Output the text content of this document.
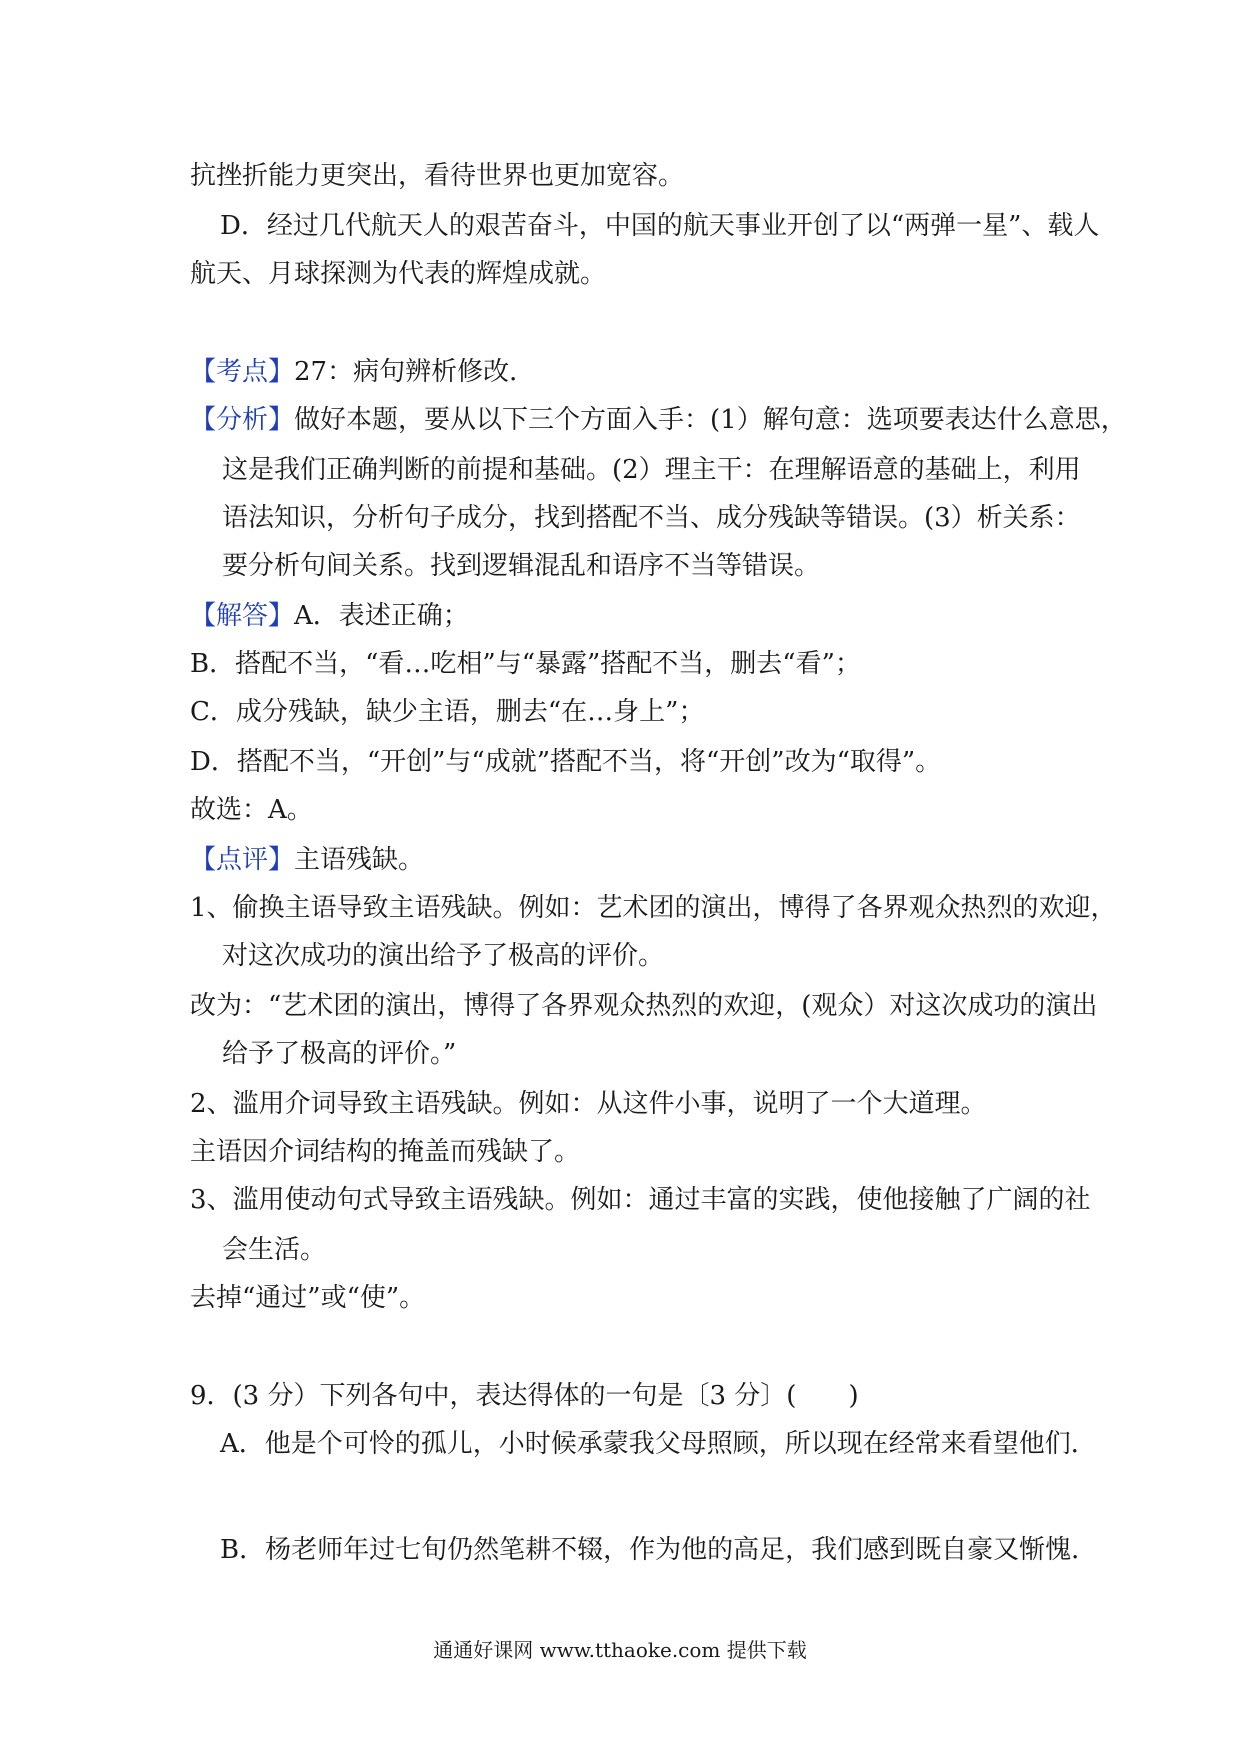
抗挫折能力更突出，看待世界也更加宽容。
D．经过几代航天人的艰苦奋斗，中国的航天事业开创了以“两弹一星”、载人
航天、月球探测为代表的辉煌成就。
【考点】27：病句辨析修改．
【分析】做好本题，要从以下三个方面入手：(1）解句意：选项要表达什么意思，
这是我们正确判断的前提和基础。(2）理主干：在理解语意的基础上，利用
语法知识，分析句子成分，找到搭配不当、成分残缺等错误。(3）析关系：
要分析句间关系。找到逻辑混乱和语序不当等错误。
【解答】A．表述正确；
B．搭配不当，“看…吃相”与“暴露”搭配不当，删去“看”；
C．成分残缺，缺少主语，删去“在…身上”；
D．搭配不当，“开创”与“成就”搭配不当，将“开创”改为“取得”。
故选：A。
【点评】主语残缺。
1、偷换主语导致主语残缺。例如：艺术团的演出，博得了各界观众热烈的欢迎，
对这次成功的演出给予了极高的评价。
改为：“艺术团的演出，博得了各界观众热烈的欢迎，(观众）对这次成功的演出
给予了极高的评价。”
2、滥用介词导致主语残缺。例如：从这件小事，说明了一个大道理。
主语因介词结构的掩盖而残缺了。
3、滥用使动句式导致主语残缺。例如：通过丰富的实践，使他接触了广阔的社
会生活。
去掉“通过”或“使”。
9．(3 分）下列各句中，表达得体的一句是〔3 分〕(　　)
A．他是个可怜的孤儿，小时候承蒙我父母照顾，所以现在经常来看望他们．
B．杨老师年过七旬仍然笔耕不辍，作为他的高足，我们感到既自豪又惭愧．
通通好课网 www.tthaoke.com 提供下载
